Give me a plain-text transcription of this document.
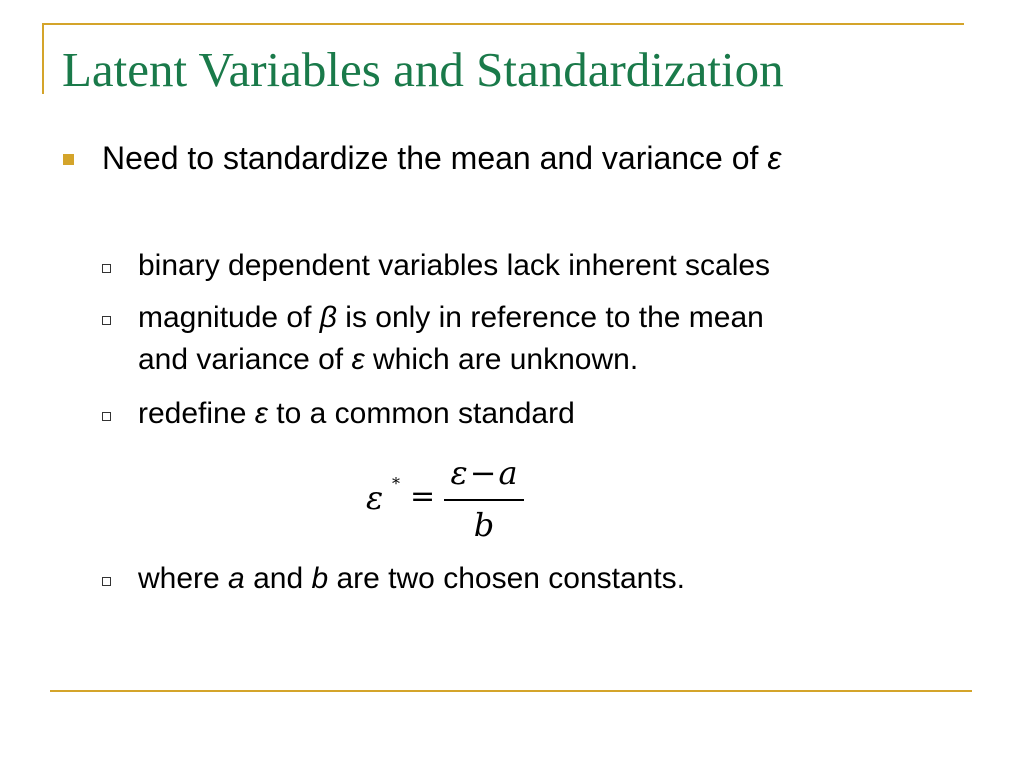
Latent Variables and Standardization
Need to standardize the mean and variance of ε
binary dependent variables lack inherent scales
magnitude of β is only in reference to the mean
and variance of ε which are unknown.
redefine ε to a common standard
ε * =
ε−a
b
where a and b are two chosen constants.
